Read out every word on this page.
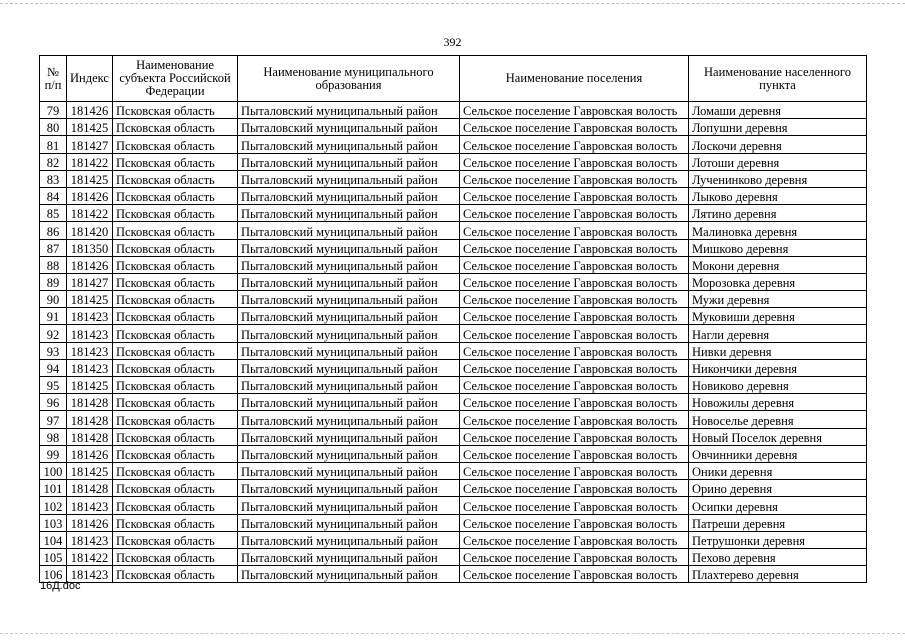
392
№ п/п	Индекс	Наименование субъекта Российской Федерации	Наименование муниципального образования	Наименование поселения	Наименование населенного пункта
79	181426	Псковская область	Пыталовский муниципальный район	Сельское поселение Гавровская волость	Ломаши деревня
80	181425	Псковская область	Пыталовский муниципальный район	Сельское поселение Гавровская волость	Лопушни деревня
81	181427	Псковская область	Пыталовский муниципальный район	Сельское поселение Гавровская волость	Лоскочи деревня
82	181422	Псковская область	Пыталовский муниципальный район	Сельское поселение Гавровская волость	Лотоши деревня
83	181425	Псковская область	Пыталовский муниципальный район	Сельское поселение Гавровская волость	Лученинково деревня
84	181426	Псковская область	Пыталовский муниципальный район	Сельское поселение Гавровская волость	Лыково деревня
85	181422	Псковская область	Пыталовский муниципальный район	Сельское поселение Гавровская волость	Лятино деревня
86	181420	Псковская область	Пыталовский муниципальный район	Сельское поселение Гавровская волость	Малиновка деревня
87	181350	Псковская область	Пыталовский муниципальный район	Сельское поселение Гавровская волость	Мишково деревня
88	181426	Псковская область	Пыталовский муниципальный район	Сельское поселение Гавровская волость	Мокони деревня
89	181427	Псковская область	Пыталовский муниципальный район	Сельское поселение Гавровская волость	Морозовка деревня
90	181425	Псковская область	Пыталовский муниципальный район	Сельское поселение Гавровская волость	Мужи деревня
91	181423	Псковская область	Пыталовский муниципальный район	Сельское поселение Гавровская волость	Муковиши деревня
92	181423	Псковская область	Пыталовский муниципальный район	Сельское поселение Гавровская волость	Нагли деревня
93	181423	Псковская область	Пыталовский муниципальный район	Сельское поселение Гавровская волость	Нивки деревня
94	181423	Псковская область	Пыталовский муниципальный район	Сельское поселение Гавровская волость	Никончики деревня
95	181425	Псковская область	Пыталовский муниципальный район	Сельское поселение Гавровская волость	Новиково деревня
96	181428	Псковская область	Пыталовский муниципальный район	Сельское поселение Гавровская волость	Новожилы деревня
97	181428	Псковская область	Пыталовский муниципальный район	Сельское поселение Гавровская волость	Новоселье деревня
98	181428	Псковская область	Пыталовский муниципальный район	Сельское поселение Гавровская волость	Новый Поселок деревня
99	181426	Псковская область	Пыталовский муниципальный район	Сельское поселение Гавровская волость	Овчинники деревня
100	181425	Псковская область	Пыталовский муниципальный район	Сельское поселение Гавровская волость	Оники деревня
101	181428	Псковская область	Пыталовский муниципальный район	Сельское поселение Гавровская волость	Орино деревня
102	181423	Псковская область	Пыталовский муниципальный район	Сельское поселение Гавровская волость	Осипки деревня
103	181426	Псковская область	Пыталовский муниципальный район	Сельское поселение Гавровская волость	Патреши деревня
104	181423	Псковская область	Пыталовский муниципальный район	Сельское поселение Гавровская волость	Петрушонки деревня
105	181422	Псковская область	Пыталовский муниципальный район	Сельское поселение Гавровская волость	Пехово деревня
106	181423	Псковская область	Пыталовский муниципальный район	Сельское поселение Гавровская волость	Плахтерево деревня
16Д.doc
